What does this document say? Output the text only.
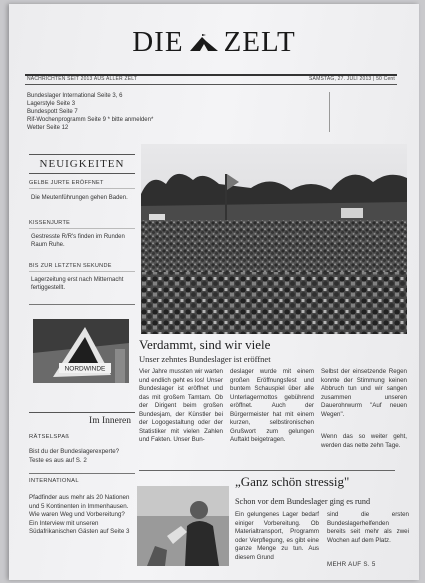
DIE ZELT
NACHRICHTEN SEIT 2013 AUS ALLER ZELT	SAMSTAG, 27. JULI 2013 | 50 Cent
Bundeslager International Seite 3, 6
Lagerstyle Seite 3
Bundespott Seite 7
Rif-Wochenprogramm Seite 9 * bitte anmelden*
Wetter Seite 12
NEUIGKEITEN
GELBE JURTE ERÖFFNET
Die Meutenführungen gehen Baden.
KISSENJURTE
Gestresste R/R's finden im Runden Raum Ruhe.
BIS ZUR LETZTEN SEKUNDE
Lagerzeitung erst nach Mitternacht fertiggestellt.
NORDWINDE
Verdammt, sind wir viele
Unser zehntes Bundeslager ist eröffnet
Vier Jahre mussten wir warten und endlich geht es los! Unser Bundeslager ist eröffnet und das mit großem Tamtam. Ob der Dirigent beim großen Bundesjam, der Künstler bei der Logogestaltung oder der Statistiker mit vielen Zahlen und Fakten. Unser Bun-
deslager wurde mit einem großen Eröffnungsfest und buntem Schauspiel über alle Unterlagermottos gebührend eröffnet. Auch der Bürgermeister hat mit einem kurzen, selbstironischen Grußwort zum gelungen Auftakt beigetragen.
Selbst der einsetzende Regen konnte der Stimmung keinen Abbruch tun und wir sangen zusammen unseren Dauerohrwurm "Auf neuen Wegen".
Wenn das so weiter geht, werden das nette zehn Tage.
Im Inneren
RÄTSELSPAß
Bist du der Bundeslagerexperte? Teste es aus auf S. 2
INTERNATIONAL
Pfadfinder aus mehr als 20 Nationen und 5 Kontinenten in Immenhausen. Wie waren Weg und Vorbereitung? Ein Interview mit unseren Südafrikanischen Gästen auf Seite 3
„Ganz schön stressig"
Schon vor dem Bundeslager ging es rund
Ein gelungenes Lager bedarf einiger Vorbereitung. Ob Materialtransport, Programm oder Verpflegung, es gibt eine ganze Menge zu tun. Aus diesem Grund
sind die ersten Bundeslagerhelfenden bereits seit mehr als zwei Wochen auf dem Platz.
MEHR AUF S. 5
